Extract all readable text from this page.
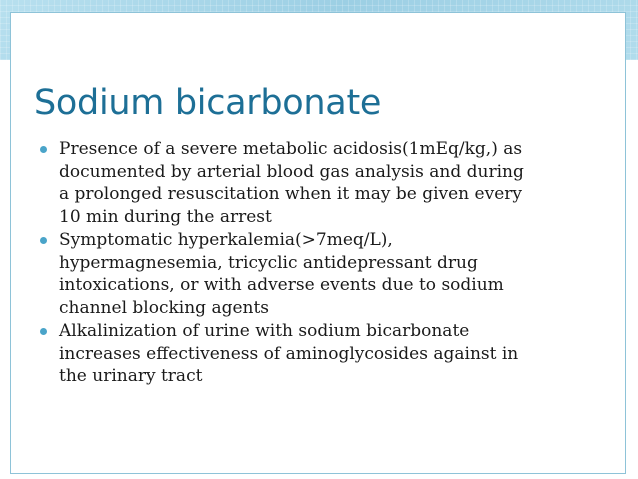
Sodium bicarbonate
Presence of a severe metabolic acidosis(1mEq/kg,) as
documented by arterial blood gas analysis and during
a prolonged resuscitation when it may be given every
10 min during the arrest
Symptomatic hyperkalemia(>7meq/L),
hypermagnesemia, tricyclic antidepressant drug
intoxications, or with adverse events due to sodium
channel blocking agents
Alkalinization of urine with sodium bicarbonate
increases effectiveness of aminoglycosides against in
the urinary tract
